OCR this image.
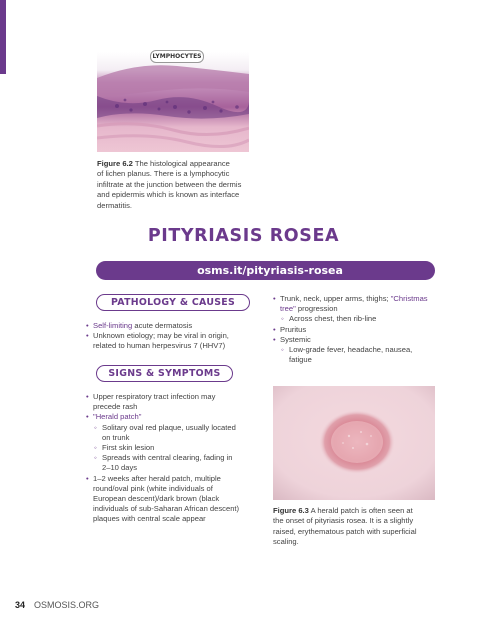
LYMPHOCYTES
Figure 6.2 The histological appearance
of lichen planus. There is a lymphocytic
infiltrate at the junction between the dermis
and epidermis which is known as interface
dermatitis.
PITYRIASIS ROSEA
osms.it/pityriasis-rosea
PATHOLOGY & CAUSES
• Self-limiting acute dermatosis
• Unknown etiology; may be viral in origin,
related to human herpesvirus 7 (HHV7)
SIGNS & SYMPTOMS
• Upper respiratory tract infection may
precede rash
• "Herald patch"
◦ Solitary oval red plaque, usually located
on trunk
◦ First skin lesion
◦ Spreads with central clearing, fading in
2–10 days
• 1–2 weeks after herald patch, multiple
round/oval pink (white individuals of
European descent)/dark brown (black
individuals of sub-Saharan African descent)
plaques with central scale appear
• Trunk, neck, upper arms, thighs; "Christmas
tree" progression
◦ Across chest, then rib-line
• Pruritus
• Systemic
◦ Low-grade fever, headache, nausea,
fatigue
Figure 6.3 A herald patch is often seen at
the onset of pityriasis rosea. It is a slightly
raised, erythematous patch with superficial
scaling.
34 OSMOSIS.ORG
